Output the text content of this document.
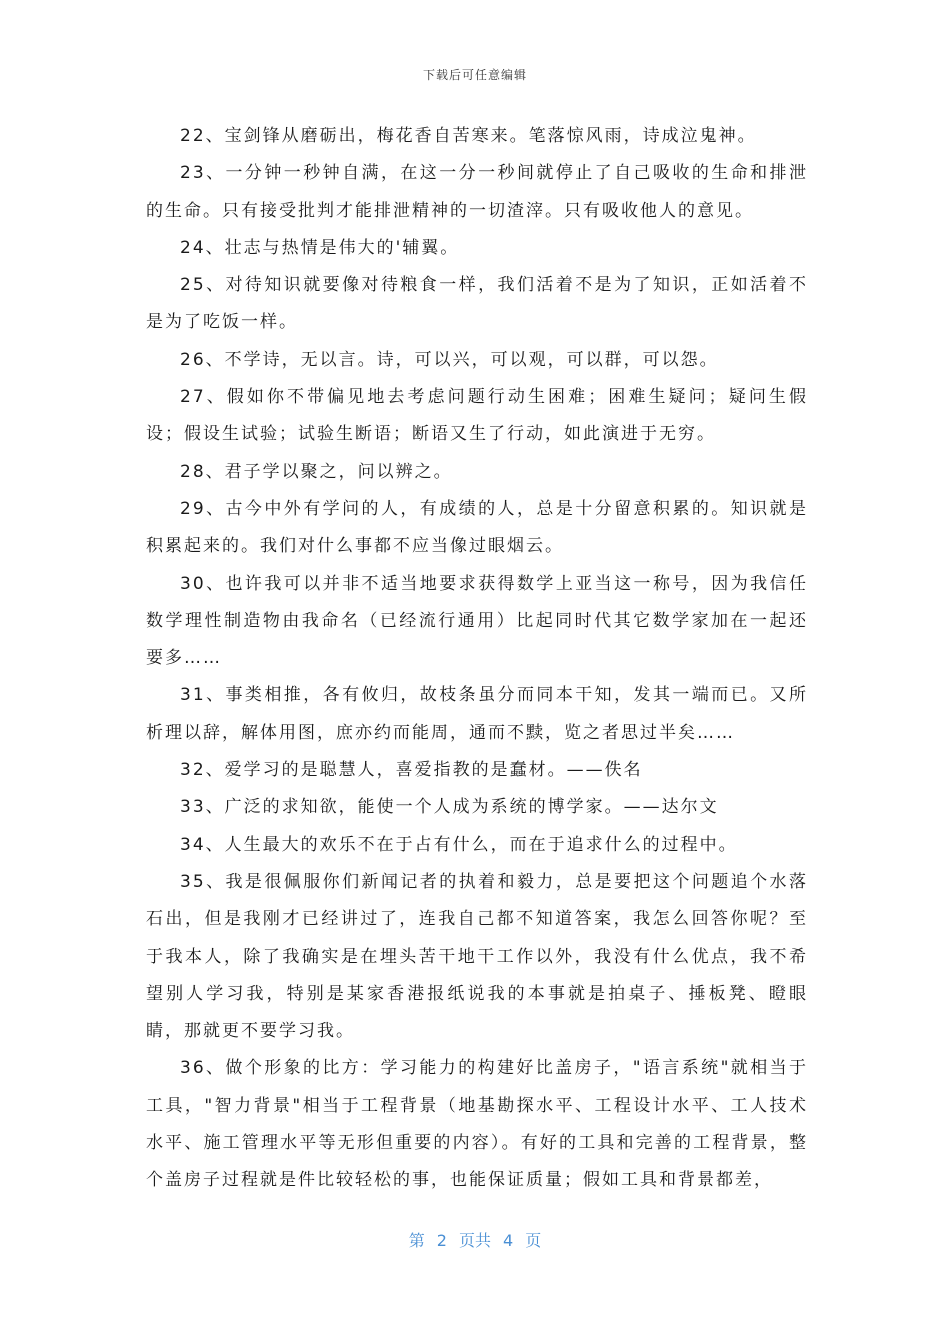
下载后可任意编辑

22、宝剑锋从磨砺出，梅花香自苦寒来。笔落惊风雨，诗成泣鬼神。

23、一分钟一秒钟自满，在这一分一秒间就停止了自己吸收的生命和排泄的生命。只有接受批判才能排泄精神的一切渣滓。只有吸收他人的意见。

24、壮志与热情是伟大的'辅翼。

25、对待知识就要像对待粮食一样，我们活着不是为了知识，正如活着不是为了吃饭一样。

26、不学诗，无以言。诗，可以兴，可以观，可以群，可以怨。

27、假如你不带偏见地去考虑问题行动生困难；困难生疑问；疑问生假设；假设生试验；试验生断语；断语又生了行动，如此演进于无穷。

28、君子学以聚之，问以辨之。

29、古今中外有学问的人，有成绩的人，总是十分留意积累的。知识就是积累起来的。我们对什么事都不应当像过眼烟云。

30、也许我可以并非不适当地要求获得数学上亚当这一称号，因为我信任数学理性制造物由我命名（已经流行通用）比起同时代其它数学家加在一起还要多……

31、事类相推，各有攸归，故枝条虽分而同本干知，发其一端而已。又所析理以辞，解体用图，庶亦约而能周，通而不黩，览之者思过半矣……

32、爱学习的是聪慧人，喜爱指教的是蠢材。——佚名

33、广泛的求知欲，能使一个人成为系统的博学家。——达尔文

34、人生最大的欢乐不在于占有什么，而在于追求什么的过程中。

35、我是很佩服你们新闻记者的执着和毅力，总是要把这个问题追个水落石出，但是我刚才已经讲过了，连我自己都不知道答案，我怎么回答你呢？至于我本人，除了我确实是在埋头苦干地干工作以外，我没有什么优点，我不希望别人学习我，特别是某家香港报纸说我的本事就是拍桌子、捶板凳、瞪眼睛，那就更不要学习我。

36、做个形象的比方：学习能力的构建好比盖房子，"语言系统"就相当于工具，"智力背景"相当于工程背景（地基勘探水平、工程设计水平、工人技术水平、施工管理水平等无形但重要的内容）。有好的工具和完善的工程背景，整个盖房子过程就是件比较轻松的事，也能保证质量；假如工具和背景都差，

第 2 页共 4 页
